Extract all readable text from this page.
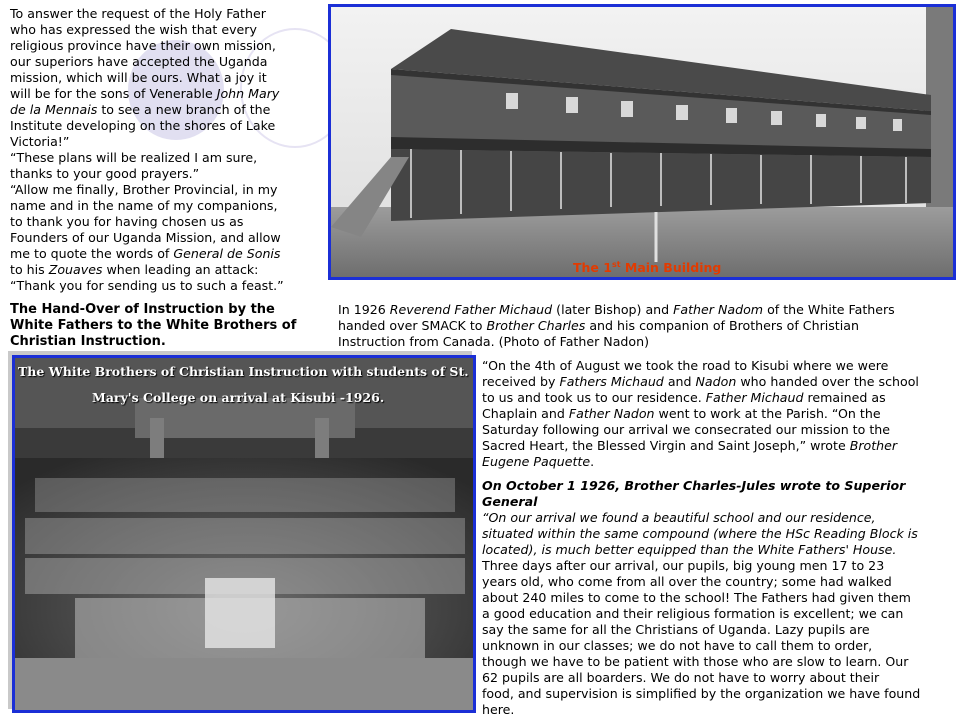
To answer the request of the Holy Father

who has expressed the wish that every

religious province have their own mission,

our superiors have accepted the Uganda

mission, which will be ours. What a joy it

will be for the sons of Venerable John Mary

de la Mennais to see a new branch of the

Institute developing on the shores of Lake

Victoria!”

“These plans will be realized I am sure,

thanks to your good prayers.”

“Allow me finally, Brother Provincial, in my

name and in the name of my companions,

to thank you for having chosen us as

Founders of our Uganda Mission, and allow

me to quote the words of General de Sonis

to his Zouaves when leading an attack:

“Thank you for sending us to such a feast.”

The 1st Main Building

The Hand-Over of Instruction by the

White Fathers to the White Brothers of

Christian Instruction.

In 1926 Reverend Father Michaud (later Bishop) and Father Nadom of the White Fathers

handed over SMACK to Brother Charles and his companion of Brothers of Christian

Instruction from Canada. (Photo of Father Nadon)

The White Brothers of Christian Instruction with students of St.
Mary's College on arrival at Kisubi -1926.

“On the 4th of August we took the road to Kisubi where we were

received by Fathers Michaud and Nadon who handed over the school

to us and took us to our residence. Father Michaud remained as

Chaplain and Father Nadon went to work at the Parish. “On the

Saturday following our arrival we consecrated our mission to the

Sacred Heart, the Blessed Virgin and Saint Joseph,” wrote Brother

Eugene Paquette.

On October 1 1926, Brother Charles-Jules wrote to Superior

General

“On our arrival we found a beautiful school and our residence,

situated within the same compound (where the HSc Reading Block is

located), is much better equipped than the White Fathers' House.

Three days after our arrival, our pupils, big young men 17 to 23

years old, who come from all over the country; some had walked

about 240 miles to come to the school! The Fathers had given them

a good education and their religious formation is excellent; we can

say the same for all the Christians of Uganda. Lazy pupils are

unknown in our classes; we do not have to call them to order,

though we have to be patient with those who are slow to learn. Our

62 pupils are all boarders. We do not have to worry about their

food, and supervision is simplified by the organization we have found

here.
